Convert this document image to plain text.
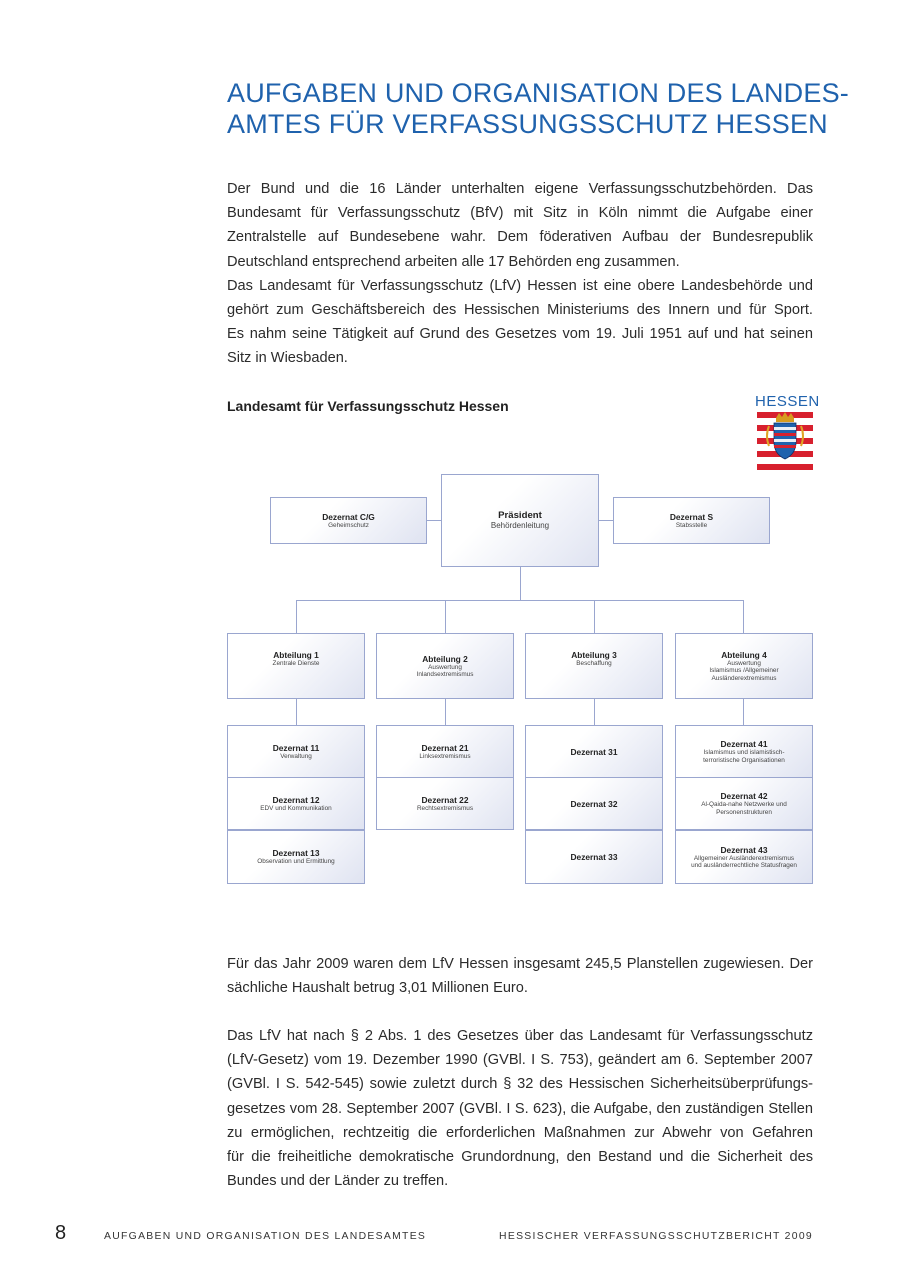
AUFGABEN UND ORGANISATION DES LANDES-
AMTES FÜR VERFASSUNGSSCHUTZ HESSEN

Der Bund und die 16 Länder unterhalten eigene Verfassungsschutzbehörden. Das
Bundesamt für Verfassungsschutz (BfV) mit Sitz in Köln nimmt die Aufgabe einer
Zentralstelle auf Bundesebene wahr. Dem föderativen Aufbau der Bundesrepublik
Deutschland entsprechend arbeiten alle 17 Behörden eng zusammen.
Das Landesamt für Verfassungsschutz (LfV) Hessen ist eine obere Landesbehörde und
gehört zum Geschäftsbereich des Hessischen Ministeriums des Innern und für Sport.
Es nahm seine Tätigkeit auf Grund des Gesetzes vom 19. Juli 1951 auf und hat seinen
Sitz in Wiesbaden.

Landesamt für Verfassungsschutz Hessen	HESSEN
Dezernat C/G
Geheimschutz
Präsident
Behördenleitung
Dezernat S
Stabsstelle
Abteilung 1
Zentrale Dienste	Abteilung 2
Auswertung
Inlandsextremismus
Abteilung 3
Beschaffung
Abteilung 4
Auswertung
Islamismus /Allgemeiner
Ausländerextremismus
Dezernat 11
Verwaltung
Dezernat 12
EDV und Kommunikation
Dezernat 13
Observation und Ermittlung
Dezernat 21
Linksextremismus
Dezernat 22
Rechtsextremismus
Dezernat 31
Dezernat 32
Dezernat 33
Dezernat 41
Islamismus und islamistisch-
terroristische Organisationen
Dezernat 42
Al-Qaida-nahe Netzwerke und
Personenstrukturen
Dezernat 43
Allgemeiner Ausländerextremismus
und ausländerrechtliche Statusfragen

Für das Jahr 2009 waren dem LfV Hessen insgesamt 245,5 Planstellen zugewiesen. Der
sächliche Haushalt betrug 3,01 Millionen Euro.

Das LfV hat nach § 2 Abs. 1 des Gesetzes über das Landesamt für Verfassungsschutz
(LfV-Gesetz) vom 19. Dezember 1990 (GVBl. I S. 753), geändert am 6. September 2007
(GVBl. I S. 542-545) sowie zuletzt durch § 32 des Hessischen Sicherheitsüberprüfungs-
gesetzes vom 28. September 2007 (GVBl. I S. 623), die Aufgabe, den zuständigen Stellen
zu ermöglichen, rechtzeitig die erforderlichen Maßnahmen zur Abwehr von Gefahren
für die freiheitliche demokratische Grundordnung, den Bestand und die Sicherheit des
Bundes und der Länder zu treffen.

8	AUFGABEN UND ORGANISATION DES LANDESAMTES	HESSISCHER VERFASSUNGSSCHUTZBERICHT 2009
